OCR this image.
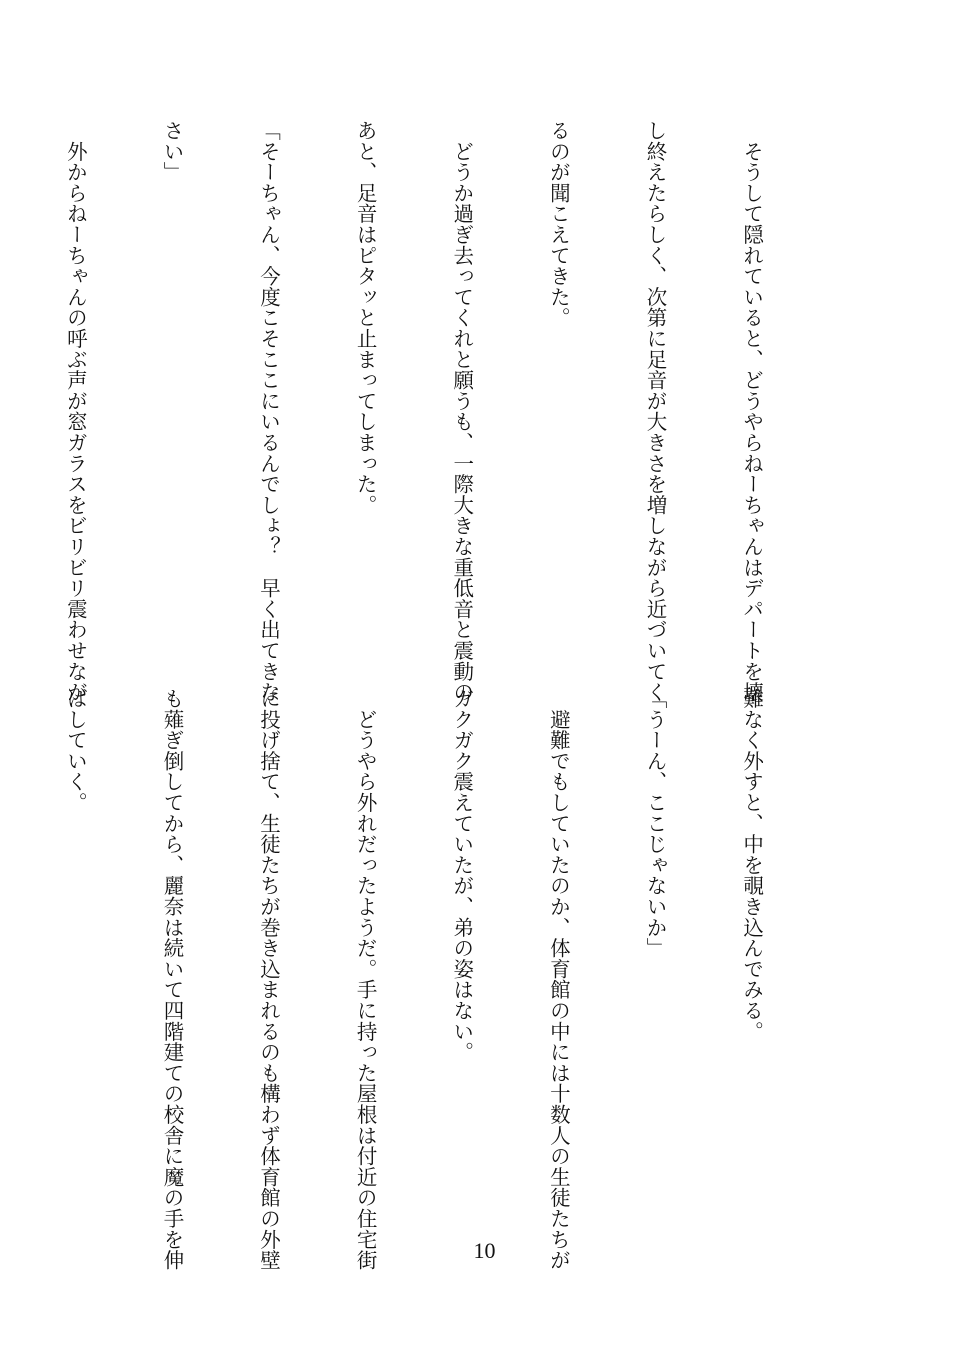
　そうして隠れていると、どうやらねーちゃんはデパートを壊

し終えたらしく、次第に足音が大きさを増しながら近づいてく

るのが聞こえてきた。

　どうか過ぎ去ってくれと願うも、一際大きな重低音と震動の

あと、足音はピタッと止まってしまった。

「そーちゃん、今度こそここにいるんでしょ？　早く出てきな

さい」

　外からねーちゃんの呼ぶ声が窓ガラスをビリビリ震わせなが

難なく外すと、中を覗き込んでみる。

「うーん、ここじゃないか」

　避難でもしていたのか、体育館の中には十数人の生徒たちが

ガクガク震えていたが、弟の姿はない。

　どうやら外れだったようだ。手に持った屋根は付近の住宅街

に投げ捨て、生徒たちが巻き込まれるのも構わず体育館の外壁

も薙ぎ倒してから、麗奈は続いて四階建ての校舎に魔の手を伸

ばしていく。

10
